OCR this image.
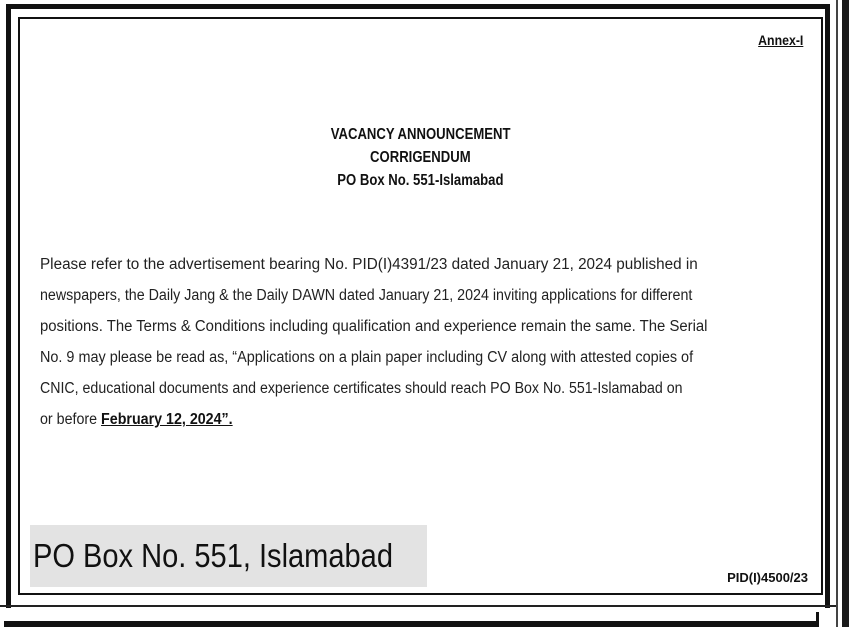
Annex-I
VACANCY ANNOUNCEMENT
CORRIGENDUM
PO Box No. 551-Islamabad
Please refer to the advertisement bearing No. PID(I)4391/23 dated January 21, 2024 published in
newspapers, the Daily Jang & the Daily DAWN dated January 21, 2024 inviting applications for different
positions. The Terms & Conditions including qualification and experience remain the same. The Serial
No. 9 may please be read as, “Applications on a plain paper including CV along with attested copies of
CNIC, educational documents and experience certificates should reach PO Box No. 551-Islamabad on
or before February 12, 2024”.
PO Box No. 551, Islamabad
PID(I)4500/23
